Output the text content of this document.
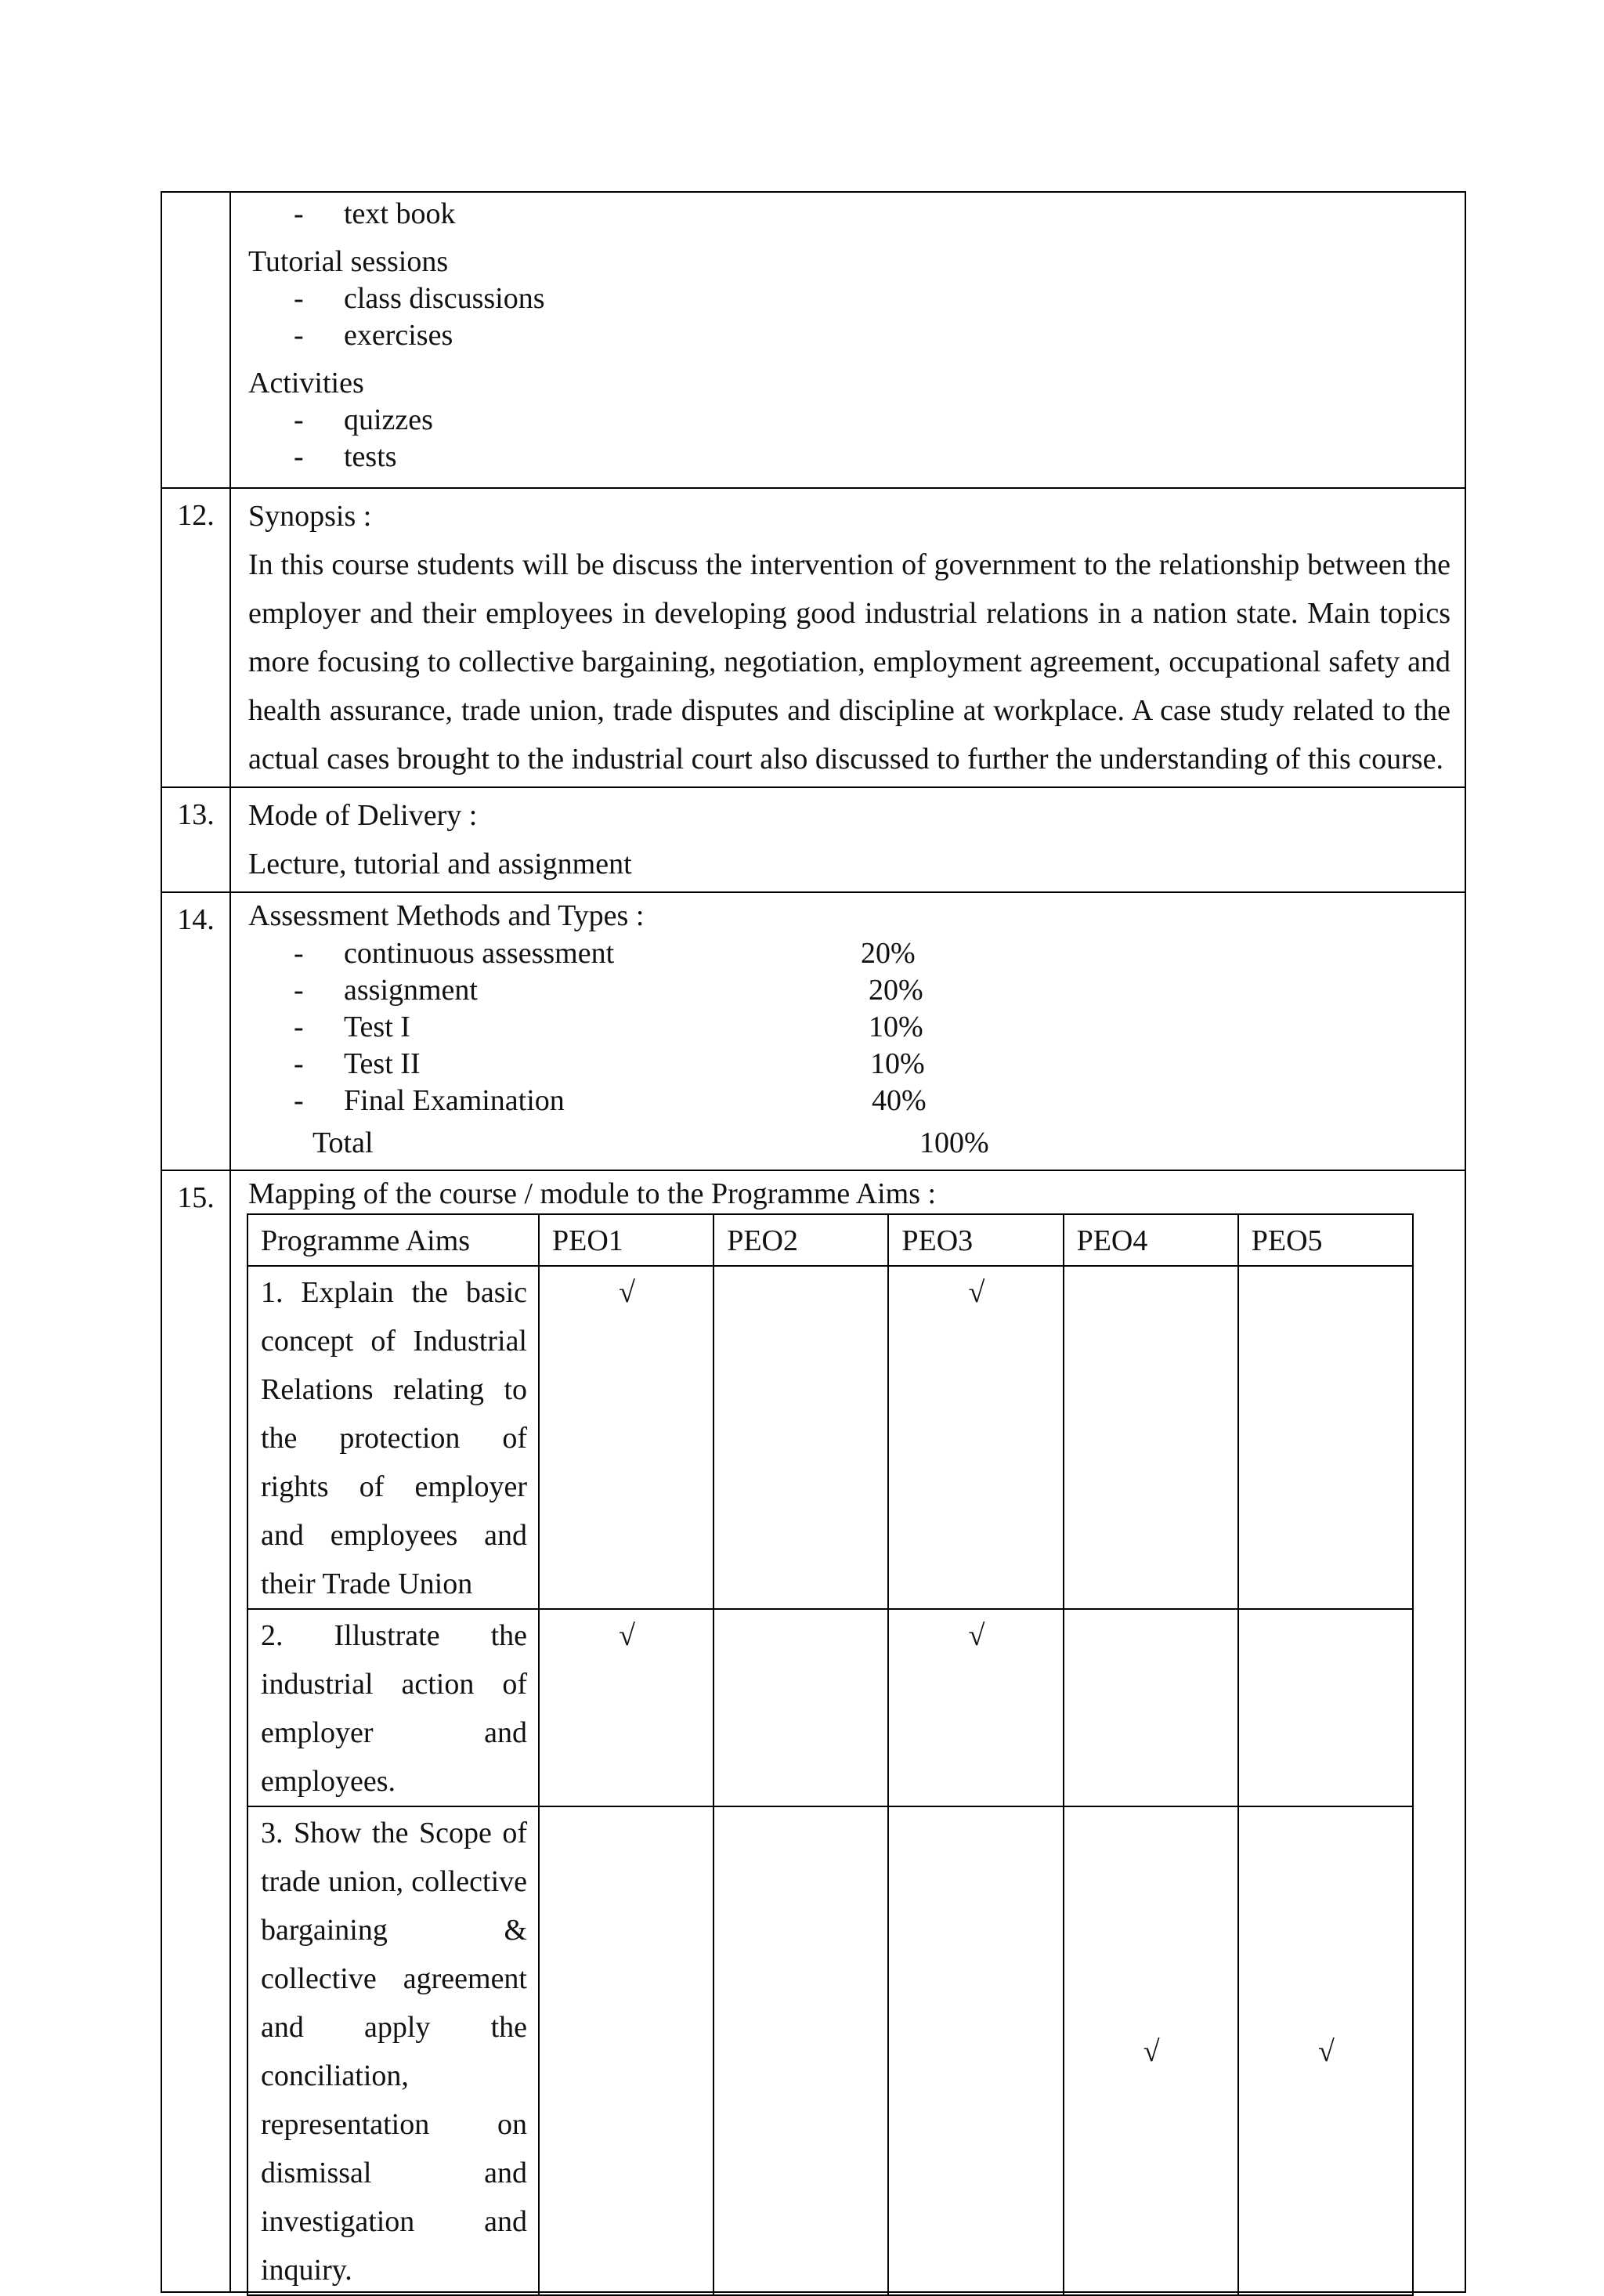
-	text book
Tutorial sessions
-	class discussions
-	exercises
Activities
-	quizzes
-	tests

12.	Synopsis :
In this course students will be discuss the intervention of government to the relationship between the employer and their employees in developing good industrial relations in a nation state. Main topics more focusing to collective bargaining, negotiation, employment agreement, occupational safety and health assurance, trade union, trade disputes and discipline at workplace. A case study related to the actual cases brought to the industrial court also discussed to further the understanding of this course.

13.	Mode of Delivery :
Lecture, tutorial and assignment

14.	Assessment Methods and Types :
-	continuous assessment	20%
-	assignment	20%
-	Test I	10%
-	Test II	10%
-	Final Examination	40%
Total	100%

15.	Mapping of the course / module to the Programme Aims :
Programme Aims	PEO1	PEO2	PEO3	PEO4	PEO5
1. Explain the basic concept of Industrial Relations relating to the protection of rights of employer and employees and their Trade Union	√		√		
2. Illustrate the industrial action of employer and employees.	√		√		
3. Show the Scope of trade union, collective bargaining & collective agreement and apply the conciliation, representation on dismissal and investigation and inquiry.				√	√
